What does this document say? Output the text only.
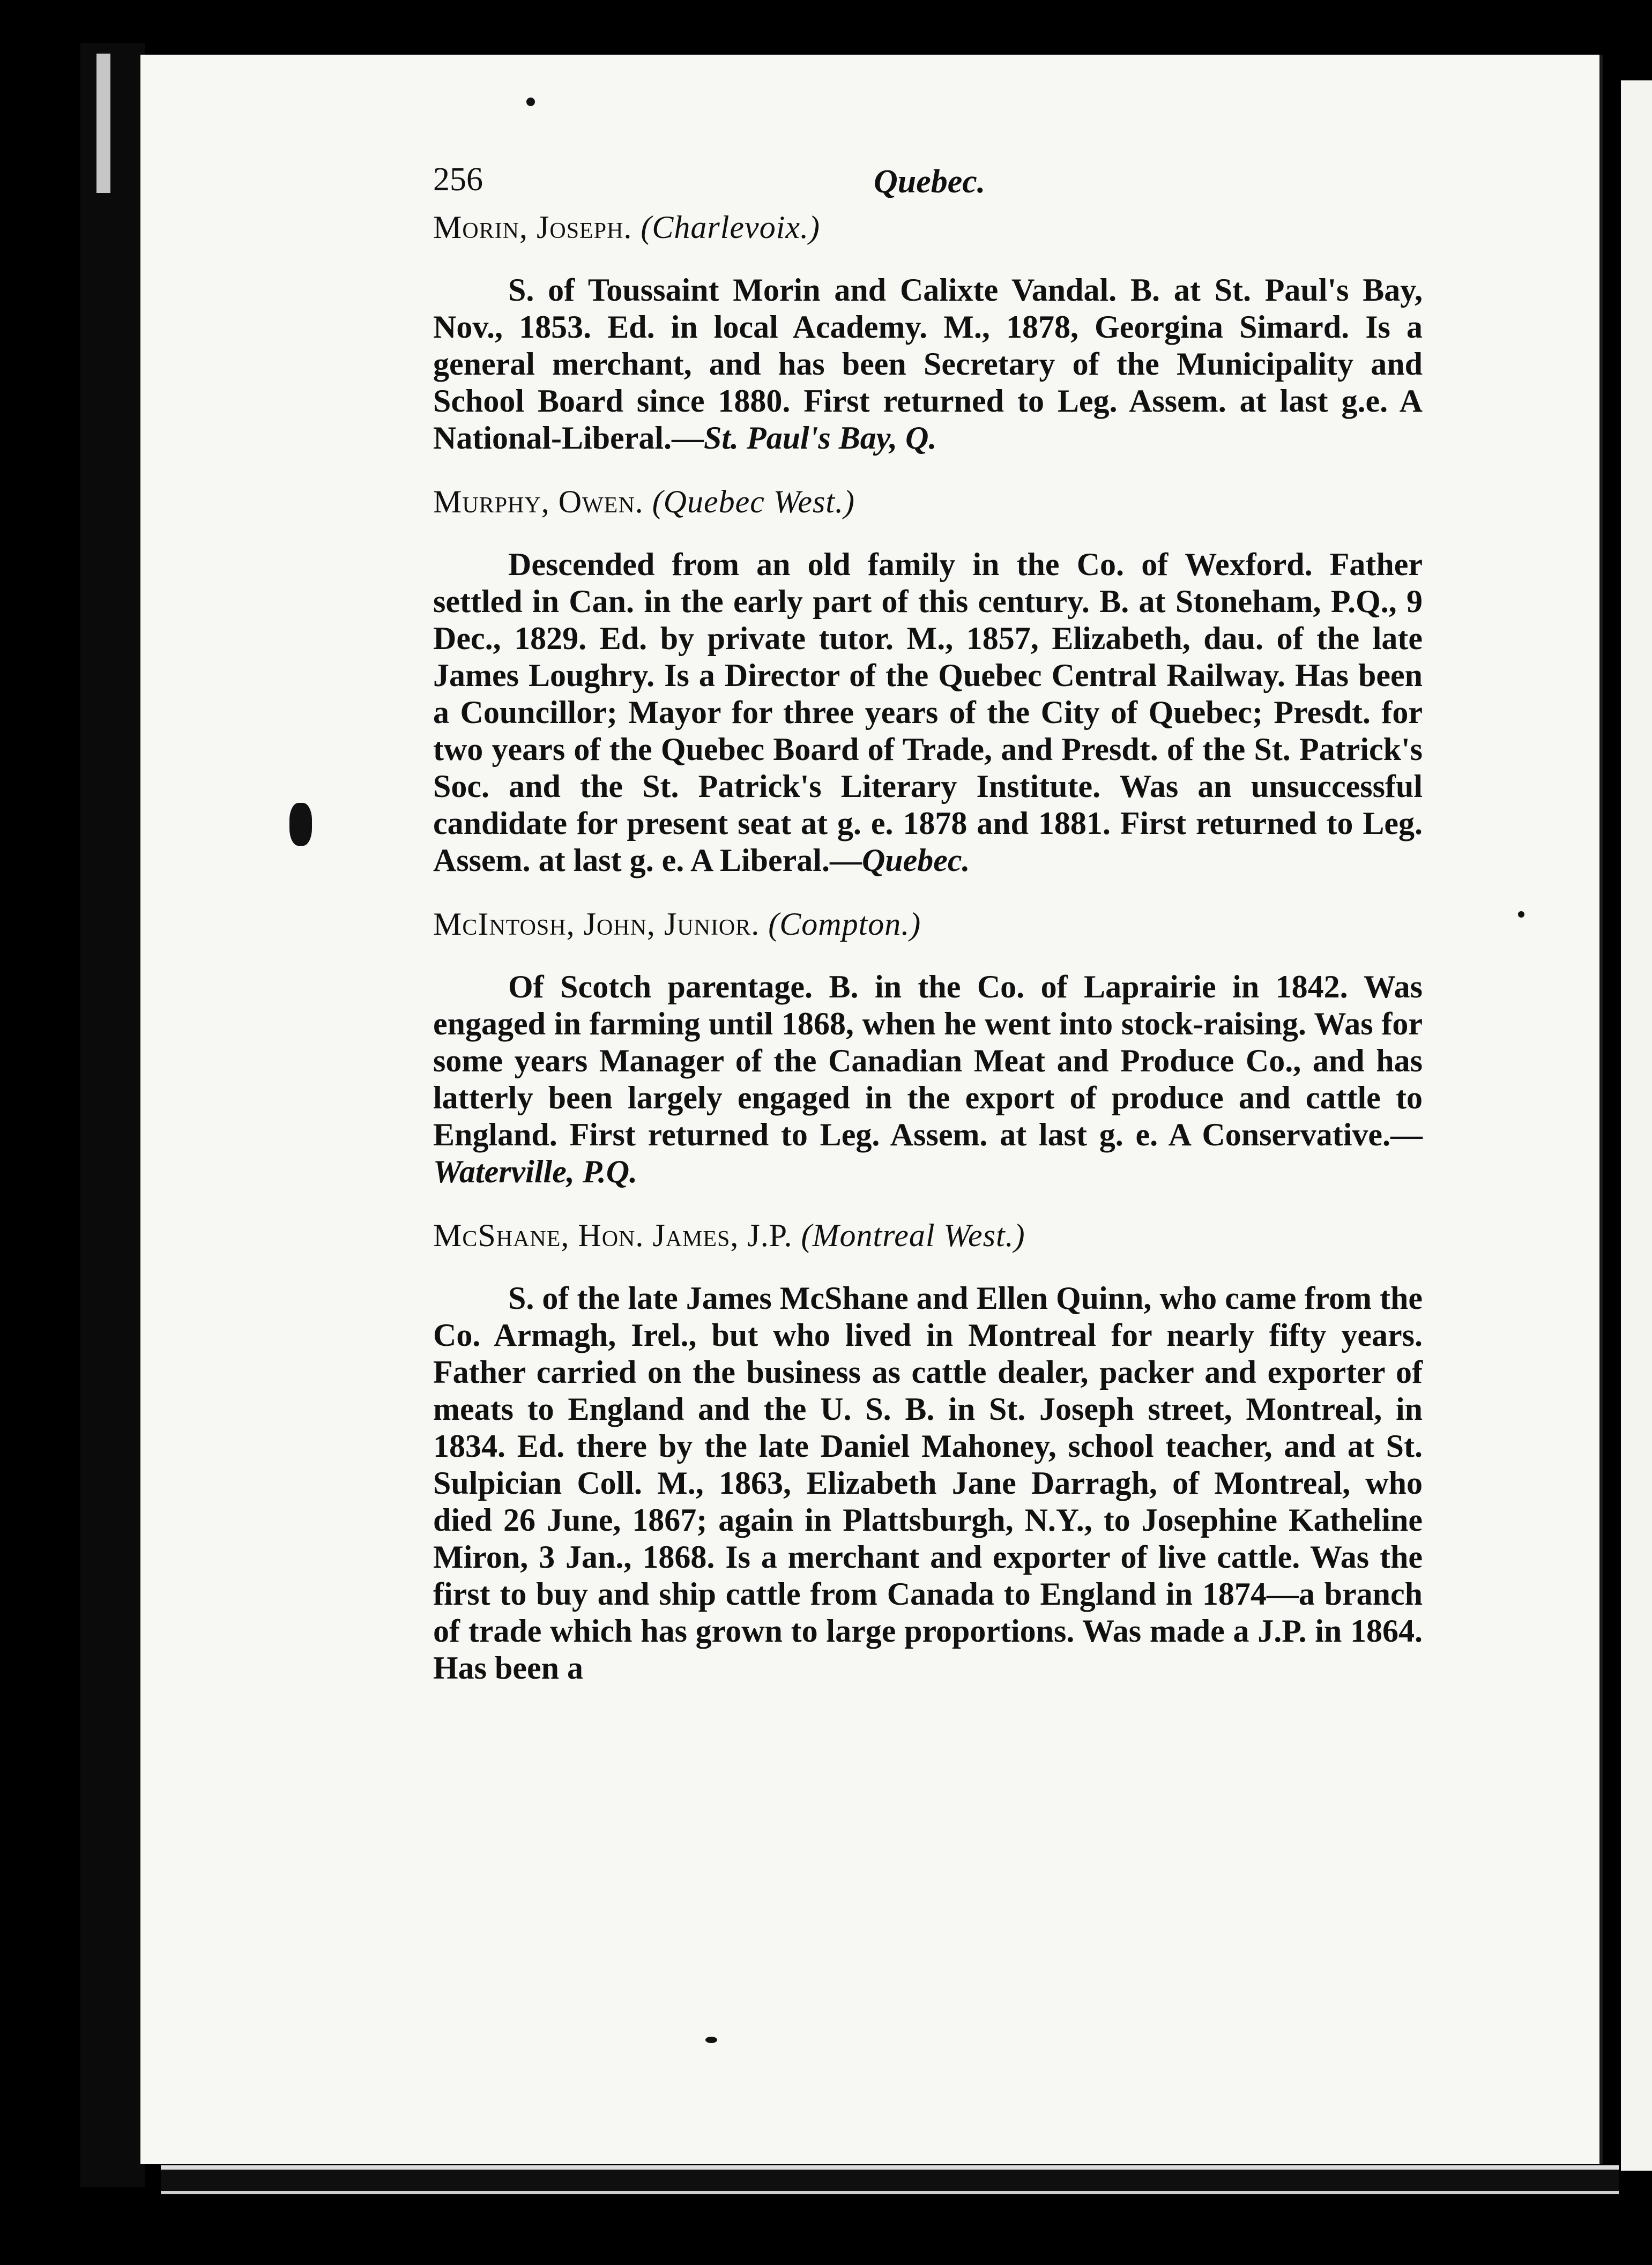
256	Quebec.

Morin, Joseph. (Charlevoix.)

S. of Toussaint Morin and Calixte Vandal. B. at St. Paul's Bay, Nov., 1853. Ed. in local Academy. M., 1878, Georgina Simard. Is a general merchant, and has been Secretary of the Municipality and School Board since 1880. First returned to Leg. Assem. at last g.e. A National-Liberal.—St. Paul's Bay, Q.

Murphy, Owen. (Quebec West.)

Descended from an old family in the Co. of Wexford. Father settled in Can. in the early part of this century. B. at Stoneham, P.Q., 9 Dec., 1829. Ed. by private tutor. M., 1857, Elizabeth, dau. of the late James Loughry. Is a Director of the Quebec Central Railway. Has been a Councillor; Mayor for three years of the City of Quebec; Presdt. for two years of the Quebec Board of Trade, and Presdt. of the St. Patrick's Soc. and the St. Patrick's Literary Institute. Was an unsuccessful candidate for present seat at g. e. 1878 and 1881. First returned to Leg. Assem. at last g. e. A Liberal.—Quebec.

McIntosh, John, Junior. (Compton.)

Of Scotch parentage. B. in the Co. of Laprairie in 1842. Was engaged in farming until 1868, when he went into stock-raising. Was for some years Manager of the Canadian Meat and Produce Co., and has latterly been largely engaged in the export of produce and cattle to England. First returned to Leg. Assem. at last g. e. A Conservative.—Waterville, P.Q.

McShane, Hon. James, J.P. (Montreal West.)

S. of the late James McShane and Ellen Quinn, who came from the Co. Armagh, Irel., but who lived in Montreal for nearly fifty years. Father carried on the business as cattle dealer, packer and exporter of meats to England and the U. S. B. in St. Joseph street, Montreal, in 1834. Ed. there by the late Daniel Mahoney, school teacher, and at St. Sulpician Coll. M., 1863, Elizabeth Jane Darragh, of Montreal, who died 26 June, 1867; again in Plattsburgh, N.Y., to Josephine Katheline Miron, 3 Jan., 1868. Is a merchant and exporter of live cattle. Was the first to buy and ship cattle from Canada to England in 1874—a branch of trade which has grown to large proportions. Was made a J.P. in 1864. Has been a
